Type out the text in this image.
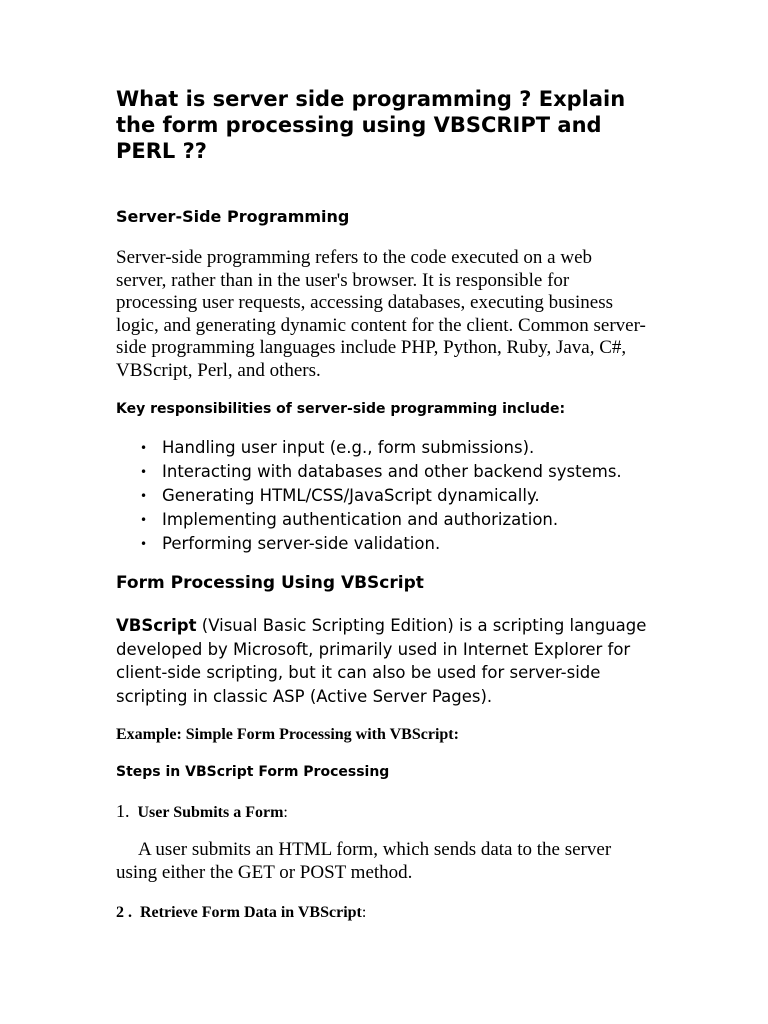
What is server side programming ? Explain the form processing using VBSCRIPT and PERL ??
Server-Side Programming

Server-side programming refers to the code executed on a web server, rather than in the user's browser. It is responsible for processing user requests, accessing databases, executing business logic, and generating dynamic content for the client. Common server-side programming languages include PHP, Python, Ruby, Java, C#, VBScript, Perl, and others.

Key responsibilities of server-side programming include:
• Handling user input (e.g., form submissions).
• Interacting with databases and other backend systems.
• Generating HTML/CSS/JavaScript dynamically.
• Implementing authentication and authorization.
• Performing server-side validation.
Form Processing Using VBScript

VBScript (Visual Basic Scripting Edition) is a scripting language developed by Microsoft, primarily used in Internet Explorer for client-side scripting, but it can also be used for server-side scripting in classic ASP (Active Server Pages).

Example: Simple Form Processing with VBScript:
Steps in VBScript Form Processing

1. User Submits a Form:

A user submits an HTML form, which sends data to the server using either the GET or POST method.

2 . Retrieve Form Data in VBScript:
